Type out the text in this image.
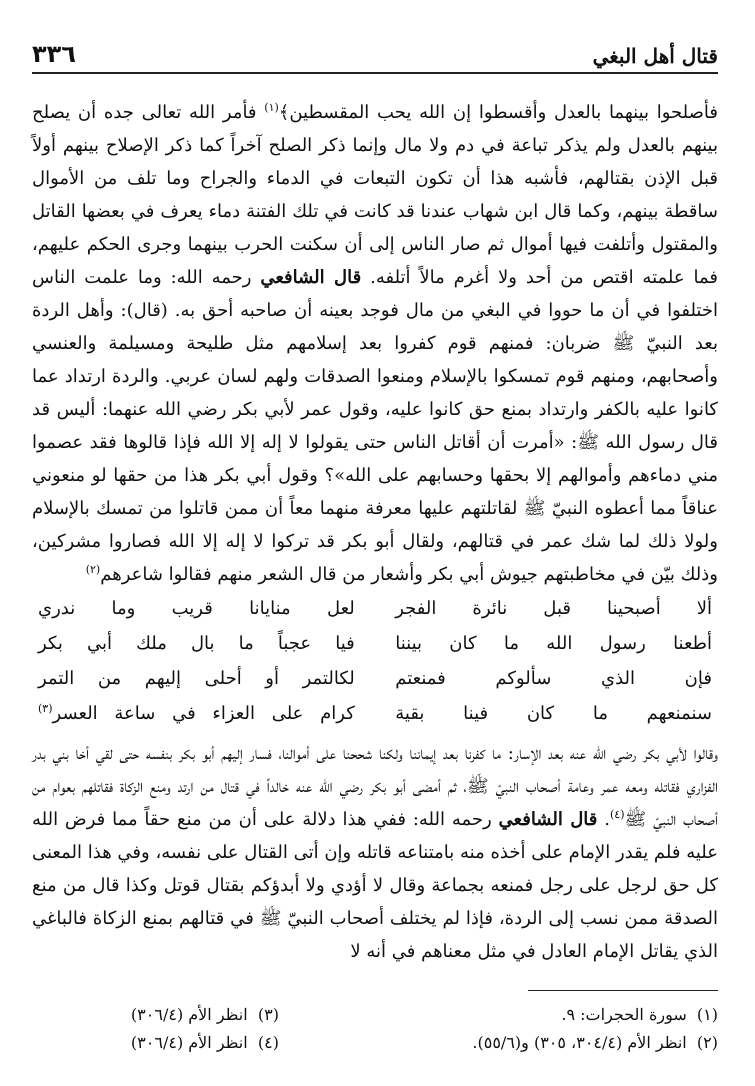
قتال أهل البغي
٣٣٦

فأصلحوا بينهما بالعدل وأقسطوا إن الله يحب المقسطين﴾$^{(١)}$ فأمر الله تعالى جده أن يصلح بينهم بالعدل ولم يذكر تباعة في دم ولا مال وإنما ذكر الصلح آخراً كما ذكر الإصلاح بينهم أولاً قبل الإذن بقتالهم، فأشبه هذا أن تكون التبعات في الدماء والجراح وما تلف من الأموال ساقطة بينهم، وكما قال ابن شهاب عندنا قد كانت في تلك الفتنة دماء يعرف في بعضها القاتل والمقتول وأتلفت فيها أموال ثم صار الناس إلى أن سكنت الحرب بينهما وجرى الحكم عليهم، فما علمته اقتص من أحد ولا أغرم مالاً أتلفه. قال الشافعي رحمه الله: وما علمت الناس اختلفوا في أن ما حووا في البغي من مال فوجد بعينه أن صاحبه أحق به. (قال): وأهل الردة بعد النبيّ ﷺ ضربان: فمنهم قوم كفروا بعد إسلامهم مثل طليحة ومسيلمة والعنسي وأصحابهم، ومنهم قوم تمسكوا بالإسلام ومنعوا الصدقات ولهم لسان عربي. والردة ارتداد عما كانوا عليه بالكفر وارتداد بمنع حق كانوا عليه، وقول عمر لأبي بكر رضي الله عنهما: أليس قد قال رسول الله ﷺ: «أمرت أن أقاتل الناس حتى يقولوا لا إله إلا الله فإذا قالوها فقد عصموا مني دماءهم وأموالهم إلا بحقها وحسابهم على الله»؟ وقول أبي بكر هذا من حقها لو منعوني عناقاً مما أعطوه النبيّ ﷺ لقاتلتهم عليها معرفة منهما معاً أن ممن قاتلوا من تمسك بالإسلام ولولا ذلك لما شك عمر في قتالهم، ولقال أبو بكر قد تركوا لا إله إلا الله فصاروا مشركين، وذلك بيّن في مخاطبتهم جيوش أبي بكر وأشعار من قال الشعر منهم فقالوا شاعرهم$^{(٢)}$

ألا أصبحينا قبل نائرة الفجر
لعل منايانا قريب وما ندري
أطعنا رسول الله ما كان بيننا
فيا عجباً ما بال ملك أبي بكر
فإن الذي سألوكم فمنعتم
لكالتمر أو أحلى إليهم من التمر
سنمنعهم ما كان فينا بقية
كرام على العزاء في ساعة العسر$^{(٣)}$

وقالوا لأبي بكر رضي الله عنه بعد الإسار: ما كفرنا بعد إيماننا ولكنا شححنا على أموالنا، فسار إليهم أبو بكر بنفسه حتى لقي أخا بني بدر الفزاري فقاتله ومعه عمر وعامة أصحاب النبيّ ﷺ، ثم أمضى أبو بكر رضي الله عنه خالداً في قتال من ارتد ومنع الزكاة فقاتلهم بعوام من أصحاب النبيّ ﷺ$^{(٤)}$. قال الشافعي رحمه الله: ففي هذا دلالة على أن من منع حقاً مما فرض الله عليه فلم يقدر الإمام على أخذه منه بامتناعه قاتله وإن أتى القتال على نفسه، وفي هذا المعنى كل حق لرجل على رجل فمنعه بجماعة وقال لا أؤدي ولا أبدؤكم بقتال قوتل وكذا قال من منع الصدقة ممن نسب إلى الردة، فإذا لم يختلف أصحاب النبيّ ﷺ في قتالهم بمنع الزكاة فالباغي الذي يقاتل الإمام العادل في مثل معناهم في أنه لا

(١)  سورة الحجرات: ٩.
(٣)  انظر الأم (٣٠٦/٤)
(٢)  انظر الأم (٣٠٤/٤، ٣٠٥) و(٥٥/٦).
(٤)  انظر الأم (٣٠٦/٤)
